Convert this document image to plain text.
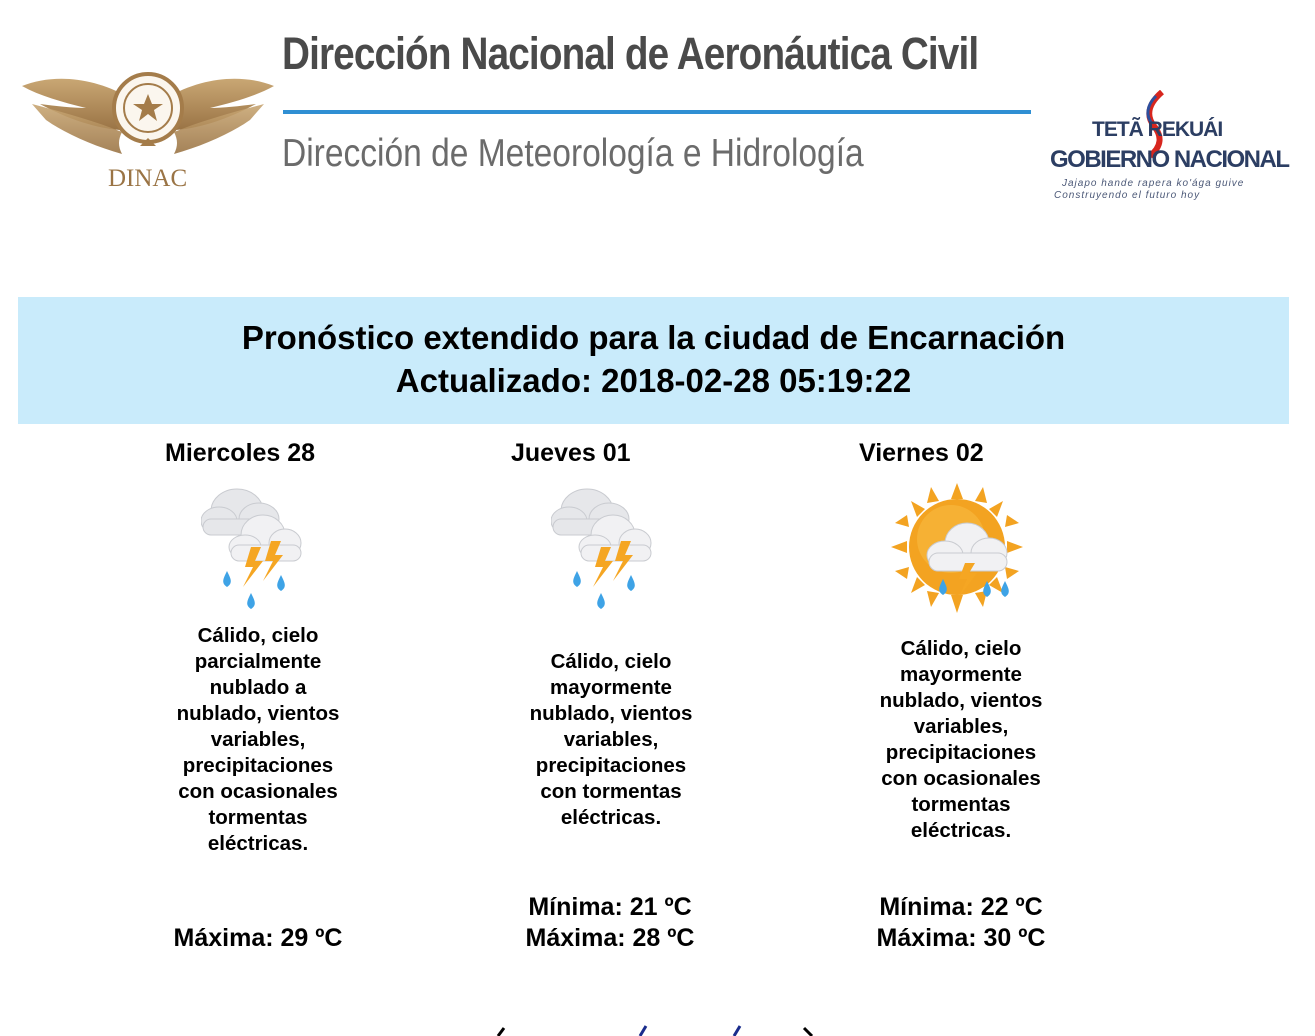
DINAC
Dirección Nacional de Aeronáutica Civil
Dirección de Meteorología e Hidrología
TETÃ REKUÁI
GOBIERNO NACIONAL
Jajapo hande rapera ko'ága guive
Construyendo el futuro hoy
Pronóstico extendido para la ciudad de Encarnación
Actualizado: 2018-02-28 05:19:22
Miercoles 28
Cálido, cielo
parcialmente
nublado a
nublado, vientos
variables,
precipitaciones
con ocasionales
tormentas
eléctricas.
Máxima: 29 ºC
Jueves 01
Cálido, cielo
mayormente
nublado, vientos
variables,
precipitaciones
con tormentas
eléctricas.
Mínima: 21 ºC
Máxima: 28 ºC
Viernes 02
Cálido, cielo
mayormente
nublado, vientos
variables,
precipitaciones
con ocasionales
tormentas
eléctricas.
Mínima: 22 ºC
Máxima: 30 ºC
